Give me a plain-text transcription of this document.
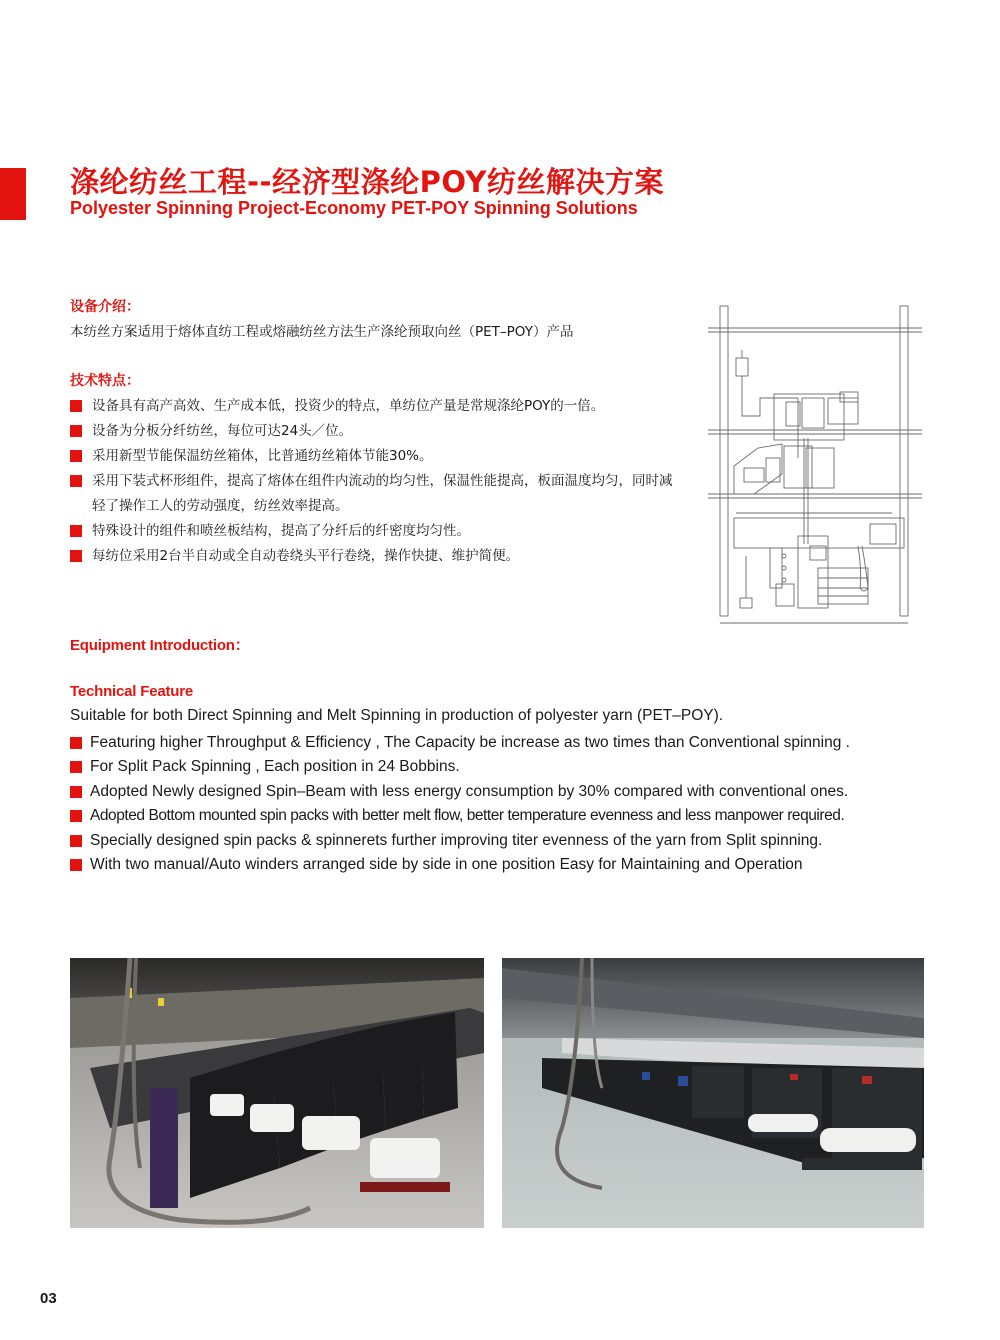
涤纶纺丝工程--经济型涤纶POY纺丝解决方案
Polyester Spinning Project-Economy PET-POY Spinning Solutions
设备介绍：

本纺丝方案适用于熔体直纺工程或熔融纺丝方法生产涤纶预取向丝（PET–POY）产品

技术特点：
设备具有高产高效、生产成本低，投资少的特点，单纺位产量是常规涤纶POY的一倍。
设备为分板分纤纺丝，每位可达24头／位。
采用新型节能保温纺丝箱体，比普通纺丝箱体节能30%。
采用下装式杯形组件，提高了熔体在组件内流动的均匀性，保温性能提高，板面温度均匀，同时减轻了操作工人的劳动强度，纺丝效率提高。
特殊设计的组件和喷丝板结构，提高了分纤后的纤密度均匀性。
每纺位采用2台半自动或全自动卷绕头平行卷绕，操作快捷、维护简便。
Equipment Introduction：
Technical Feature

Suitable for both Direct Spinning and Melt Spinning in production of polyester yarn (PET–POY).

Featuring higher Throughput & Efficiency , The Capacity be increase as two times than Conventional spinning .
For Split Pack Spinning , Each position in 24 Bobbins.
Adopted Newly designed Spin–Beam with less energy consumption by 30% compared with conventional ones.
Adopted Bottom mounted spin packs with better melt flow, better temperature evenness and less manpower required.
Specially designed spin packs & spinnerets further improving titer evenness of the yarn from Split spinning.
With two manual/Auto winders arranged side by side in one position Easy for Maintaining and Operation

03
